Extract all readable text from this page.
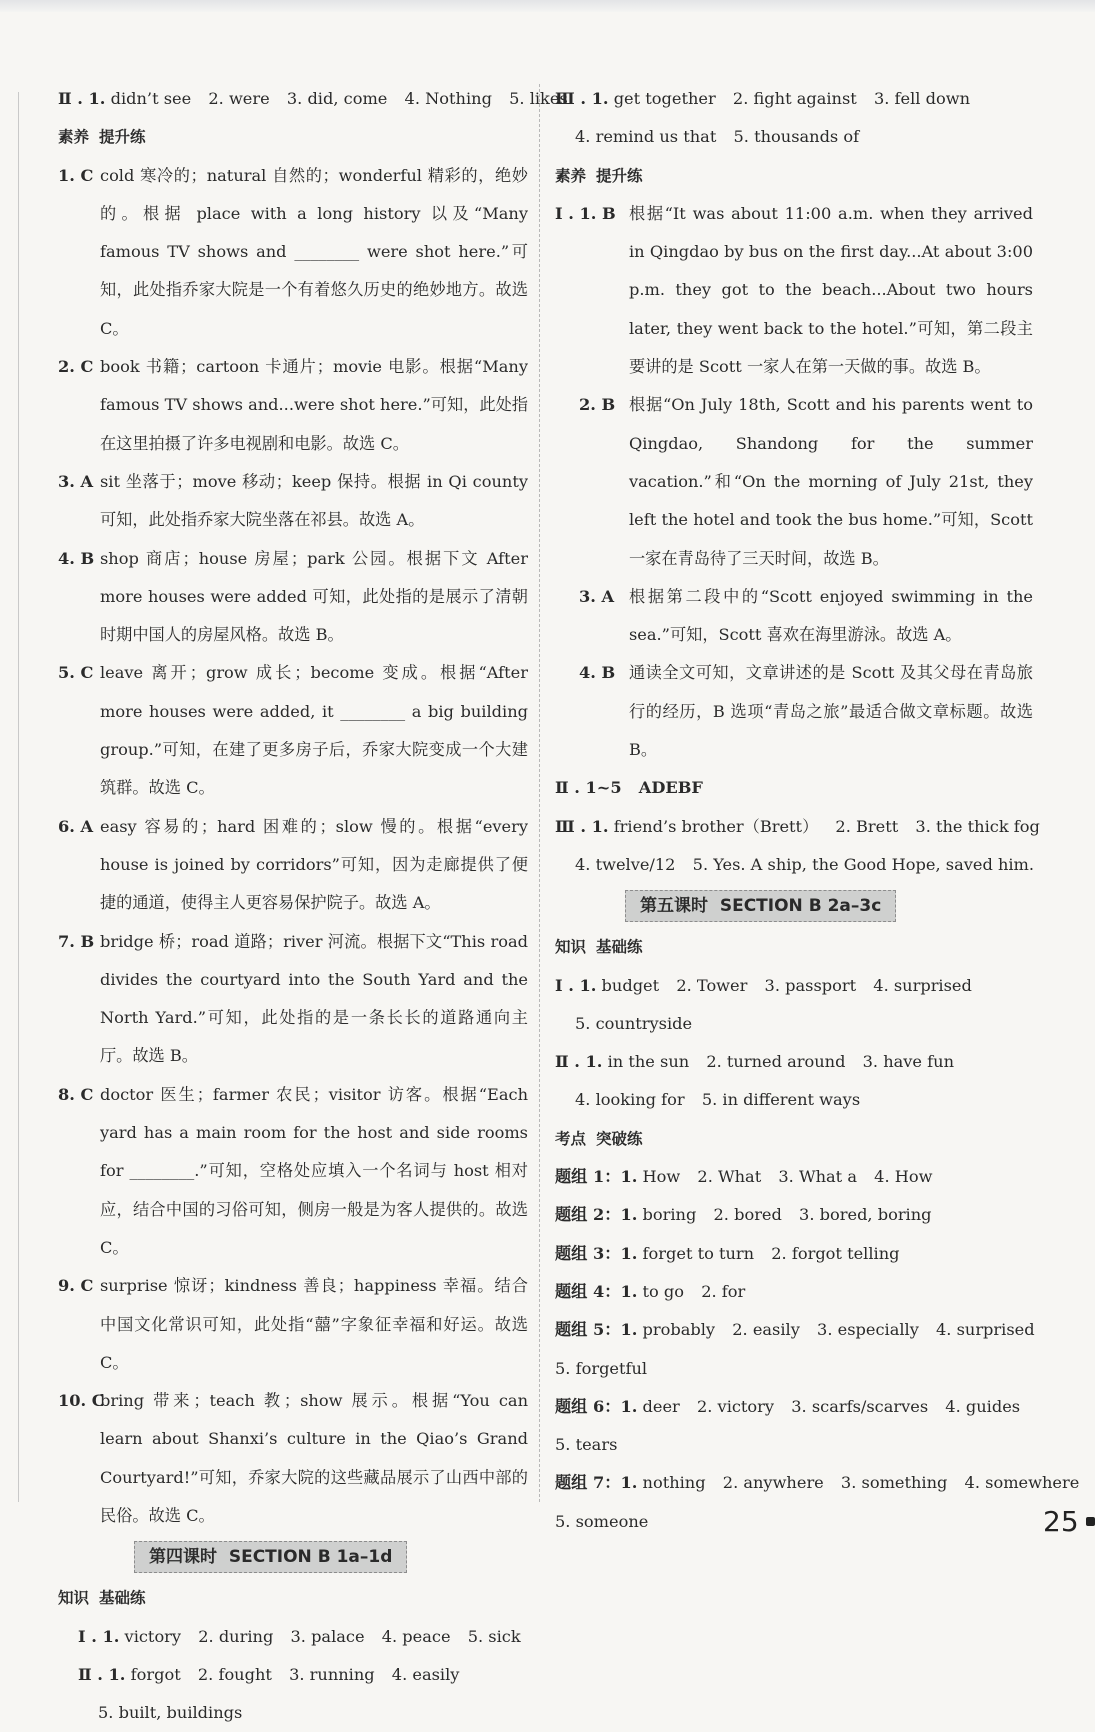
Ⅱ . 1. didn’t see 2. were 3. did, come 4. Nothing 5. likes
素养 提升练
1. C cold 寒冷的；natural 自然的；wonderful 精彩的，绝妙的。根据 place with a long history 以及“Many famous TV shows and ________ were shot here.”可知，此处指乔家大院是一个有着悠久历史的绝妙地方。故选 C。
2. C book 书籍；cartoon 卡通片；movie 电影。根据“Many famous TV shows and...were shot here.”可知，此处指在这里拍摄了许多电视剧和电影。故选 C。
3. A sit 坐落于；move 移动；keep 保持。根据 in Qi county 可知，此处指乔家大院坐落在祁县。故选 A。
4. B shop 商店；house 房屋；park 公园。根据下文 After more houses were added 可知，此处指的是展示了清朝时期中国人的房屋风格。故选 B。
5. C leave 离开；grow 成长；become 变成。根据“After more houses were added, it ________ a big building group.”可知，在建了更多房子后，乔家大院变成一个大建筑群。故选 C。
6. A easy 容易的；hard 困难的；slow 慢的。根据“every house is joined by corridors”可知，因为走廊提供了便捷的通道，使得主人更容易保护院子。故选 A。
7. B bridge 桥；road 道路；river 河流。根据下文“This road divides the courtyard into the South Yard and the North Yard.”可知，此处指的是一条长长的道路通向主厅。故选 B。
8. C doctor 医生；farmer 农民；visitor 访客。根据“Each yard has a main room for the host and side rooms for ________.”可知，空格处应填入一个名词与 host 相对应，结合中国的习俗可知，侧房一般是为客人提供的。故选 C。
9. C surprise 惊讶；kindness 善良；happiness 幸福。结合中国文化常识可知，此处指“囍”字象征幸福和好运。故选 C。
10. C
bring 带来；teach 教；show 展示。根据“You can learn about Shanxi’s culture in the Qiao’s Grand Courtyard!”可知，乔家大院的这些藏品展示了山西中部的民俗。故选 C。
第四课时 SECTION B 1a–1d
知识 基础练
Ⅰ . 1. victory 2. during 3. palace 4. peace 5. sick
Ⅱ . 1. forgot 2. fought 3. running 4. easily
5. built, buildings
Ⅲ . 1. get together 2. fight against 3. fell down
4. remind us that 5. thousands of
素养 提升练
Ⅰ . 1. B 根据“It was about 11:00 a.m. when they arrived in Qingdao by bus on the first day...At about 3:00 p.m. they got to the beach...About two hours later, they went back to the hotel.”可知，第二段主要讲的是 Scott 一家人在第一天做的事。故选 B。
2. B 根据“On July 18th, Scott and his parents went to Qingdao, Shandong for the summer vacation.”和“On the morning of July 21st, they left the hotel and took the bus home.”可知，Scott 一家在青岛待了三天时间，故选 B。
3. A 根据第二段中的“Scott enjoyed swimming in the sea.”可知，Scott 喜欢在海里游泳。故选 A。
4. B 通读全文可知，文章讲述的是 Scott 及其父母在青岛旅行的经历，B 选项“青岛之旅”最适合做文章标题。故选 B。
Ⅱ . 1~5 ADEBF
Ⅲ . 1. friend’s brother（Brett） 2. Brett 3. the thick fog
4. twelve/12 5. Yes. A ship, the Good Hope, saved him.
第五课时 SECTION B 2a–3c
知识 基础练
Ⅰ . 1. budget 2. Tower 3. passport 4. surprised
5. countryside
Ⅱ . 1. in the sun 2. turned around 3. have fun
4. looking for 5. in different ways
考点 突破练
题组 1：1. How 2. What 3. What a 4. How
题组 2：1. boring 2. bored 3. bored, boring
题组 3：1. forget to turn 2. forgot telling
题组 4：1. to go 2. for
题组 5：1. probably 2. easily 3. especially 4. surprised
5. forgetful
题组 6：1. deer 2. victory 3. scarfs/scarves 4. guides
5. tears
题组 7：1. nothing 2. anywhere 3. something 4. somewhere
5. someone	25
